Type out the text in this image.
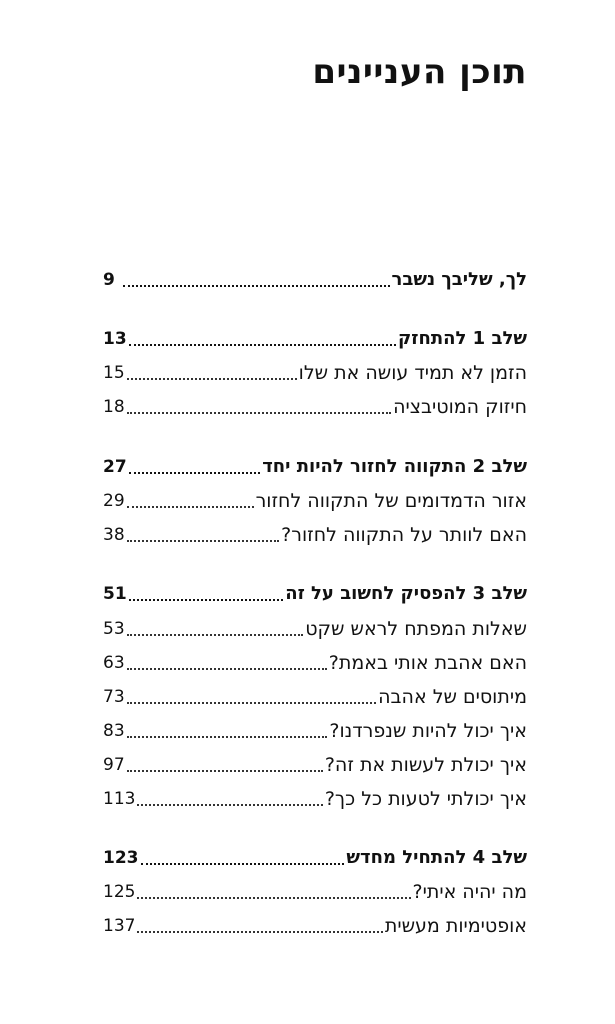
תוכן העניינים
לך, שליבך נשבר
9
שלב 1 להתחזק
13
הזמן לא תמיד עושה את שלו
15
חיזוק המוטיבציה
18
שלב 2 התקווה לחזור להיות יחד
27
אזור הדמדומים של התקווה לחזור
29
האם לוותר על התקווה לחזור?
38
שלב 3 להפסיק לחשוב על זה
51
שאלות המפתח לראש שקט
53
האם אהבת אותי באמת?
63
מיתוסים של אהבה
73
איך יכול להיות שנפרדנו?
83
איך יכולת לעשות את זה?
97
איך יכולתי לטעות כל כך?
113
שלב 4 להתחיל מחדש
123
מה יהיה איתי?
125
אופטימיות מעשית
137
